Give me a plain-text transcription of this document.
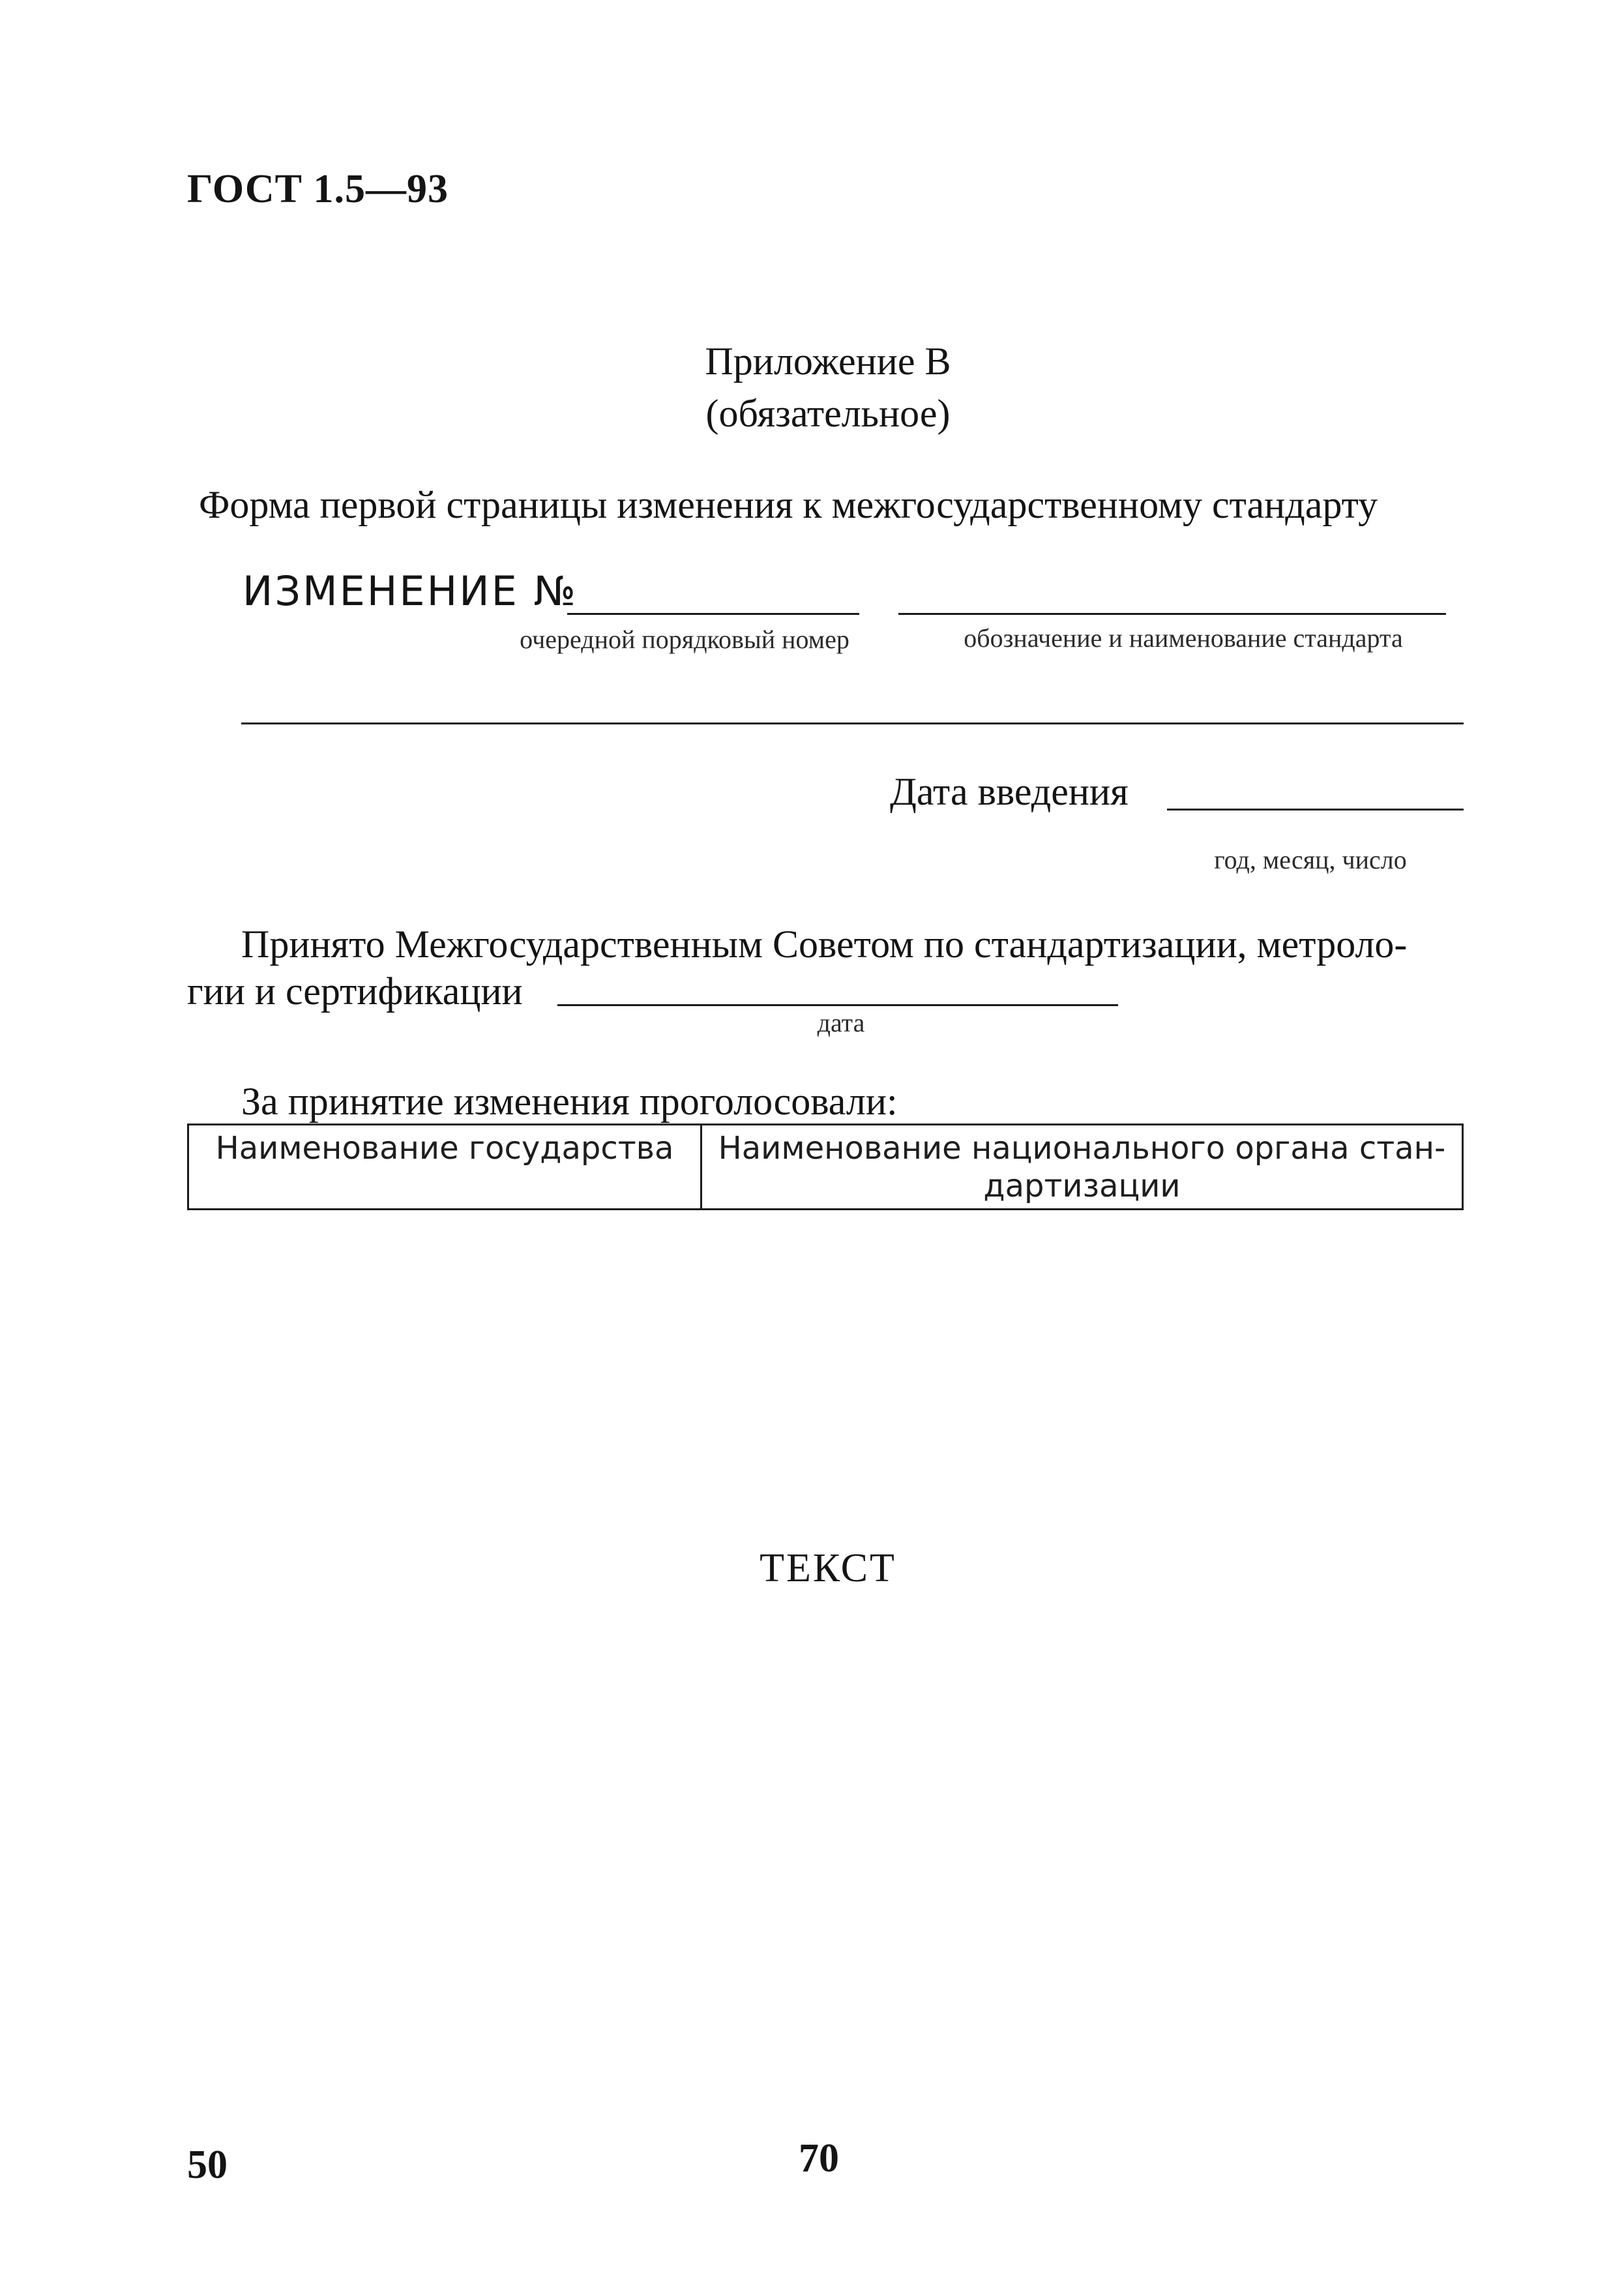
ГОСТ 1.5—93
Приложение В
(обязательное)
Форма первой страницы изменения к межгосударственному стандарту
ИЗМЕНЕНИЕ №
очередной порядковый номер	обозначение и наименование стандарта
Дата введения
год, месяц, число
Принято Межгосударственным Советом по стандартизации, метроло-
гии и сертификации
дата
За принятие изменения проголосовали:
Наименование государства	Наименование национального органа стан-дартизации
ТЕКСТ
50	70
